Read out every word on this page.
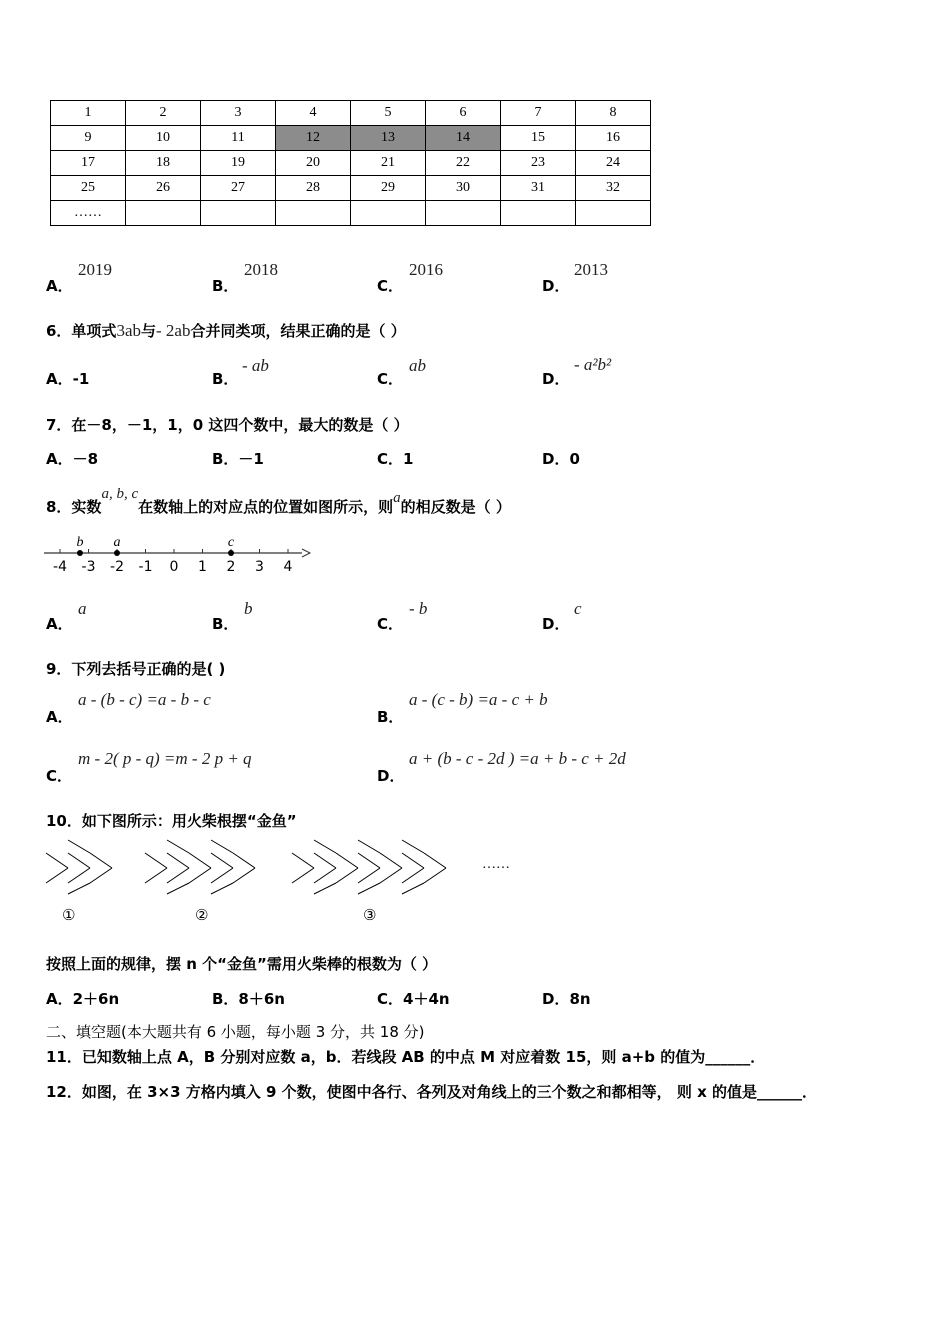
1	2	3	4	5	6	7	8
9	10	11	12	13	14	15	16
17	18	19	20	21	22	23	24
25	26	27	28	29	30	31	32
……							
A．
2019
B．
2018
C．
2016
D．
2013
6．单项式3ab与- 2ab合并同类项，结果正确的是（ ）
A．-1	B．
- ab
C．
ab
D．
- a²b²
7．在－8，－1，1，0 这四个数中，最大的数是（ ）
A．－8	B．－1	C．1	D．0
8．实数a, b, c在数轴上的对应点的位置如图所示，则a的相反数是（ ）
-4 -3 -2 -1 0 1 2 3 4
b a	c
A．
a
B．
b
C．
- b
D．
c
9．下列去括号正确的是( )
A．
a - (b - c) =a - b - c
B．
a - (c - b) =a - c + b
C．
m - 2( p - q) =m - 2 p + q
D．
a + (b - c - 2d ) =a + b - c + 2d
10．如下图所示：用火柴根摆“金鱼”
……
①	②	③
按照上面的规律，摆 n 个“金鱼”需用火柴棒的根数为（ ）
A．2＋6n	B．8＋6n	C．4＋4n	D．8n
二、填空题(本大题共有 6 小题，每小题 3 分，共 18 分)
11．已知数轴上点 A，B 分别对应数 a，b．若线段 AB 的中点 M 对应着数 15，则 a+b 的值为______．
12．如图，在 3×3 方格内填入 9 个数，使图中各行、各列及对角线上的三个数之和都相等， 则 x 的值是______．
